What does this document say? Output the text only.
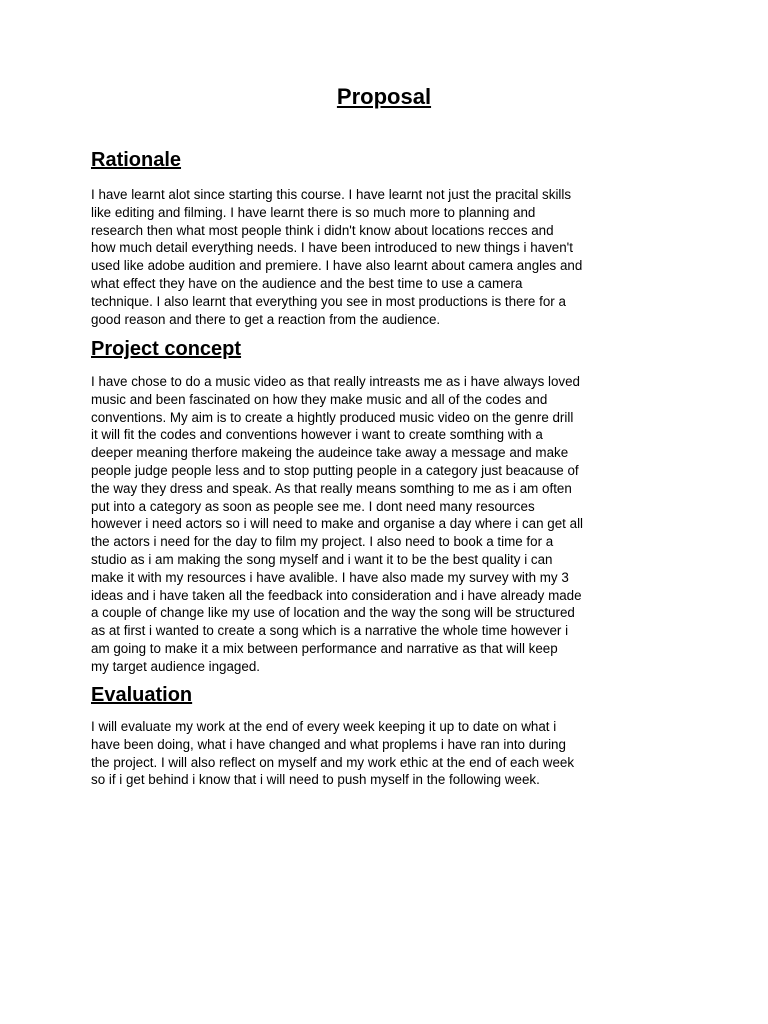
Proposal
Rationale

I have learnt alot since starting this course. I have learnt not just the pracital skills
like editing and filming. I have learnt there is so much more to planning and
research then what most people think i didn't know about locations recces and
how much detail everything needs. I have been introduced to new things i haven't
used like adobe audition and premiere. I have also learnt about camera angles and
what effect they have on the audience and the best time to use a camera
technique. I also learnt that everything you see in most productions is there for a
good reason and there to get a reaction from the audience.

Project concept

I have chose to do a music video as that really intreasts me as i have always loved
music and been fascinated on how they make music and all of the codes and
conventions. My aim is to create a hightly produced music video on the genre drill
it will fit the codes and conventions however i want to create somthing with a
deeper meaning therfore makeing the audeince take away a message and make
people judge people less and to stop putting people in a category just beacause of
the way they dress and speak. As that really means somthing to me as i am often
put into a category as soon as people see me. I dont need many resources
however i need actors so i will need to make and organise a day where i can get all
the actors i need for the day to film my project. I also need to book a time for a
studio as i am making the song myself and i want it to be the best quality i can
make it with my resources i have avalible. I have also made my survey with my 3
ideas and i have taken all the feedback into consideration and i have already made
a couple of change like my use of location and the way the song will be structured
as at first i wanted to create a song which is a narrative the whole time however i
am going to make it a mix between performance and narrative as that will keep
my target audience ingaged.

Evaluation

I will evaluate my work at the end of every week keeping it up to date on what i
have been doing, what i have changed and what proplems i have ran into during
the project. I will also reflect on myself and my work ethic at the end of each week
so if i get behind i know that i will need to push myself in the following week.
